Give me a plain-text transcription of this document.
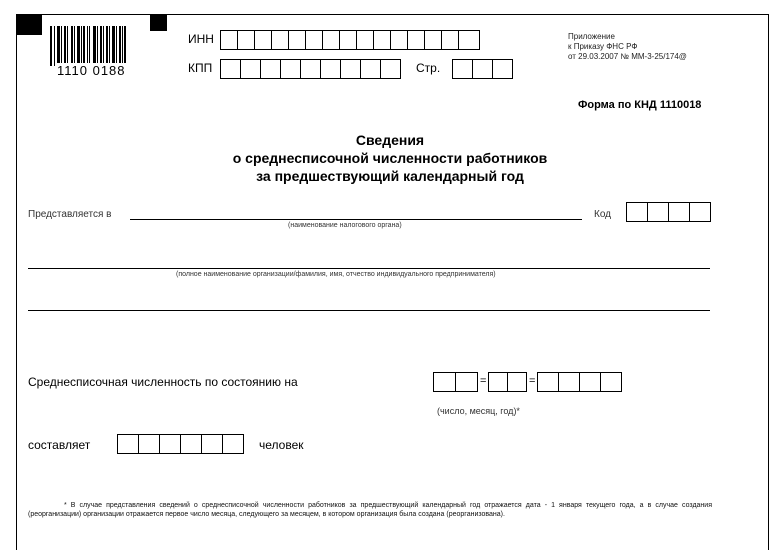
1110 0188
ИНН
КПП	Стр.
Приложение
к Приказу ФНС РФ
от 29.03.2007 № ММ-3-25/174@
Форма по КНД 1110018
Сведения
о среднесписочной численности работников
за предшествующий календарный год
Представляется в
(наименование налогового органа)
Код
(полное наименование организации/фамилия, имя, отчество индивидуального предпринимателя)
Среднесписочная численность по состоянию на	=	=
(число, месяц, год)*
составляет	человек
* В случае представления сведений о среднесписочной численности работников за предшествующий календарный год отражается дата - 1 января текущего года, а в случае создания (реорганизации) организации отражается первое число месяца, следующего за месяцем, в котором организация была создана (реорганизована).
